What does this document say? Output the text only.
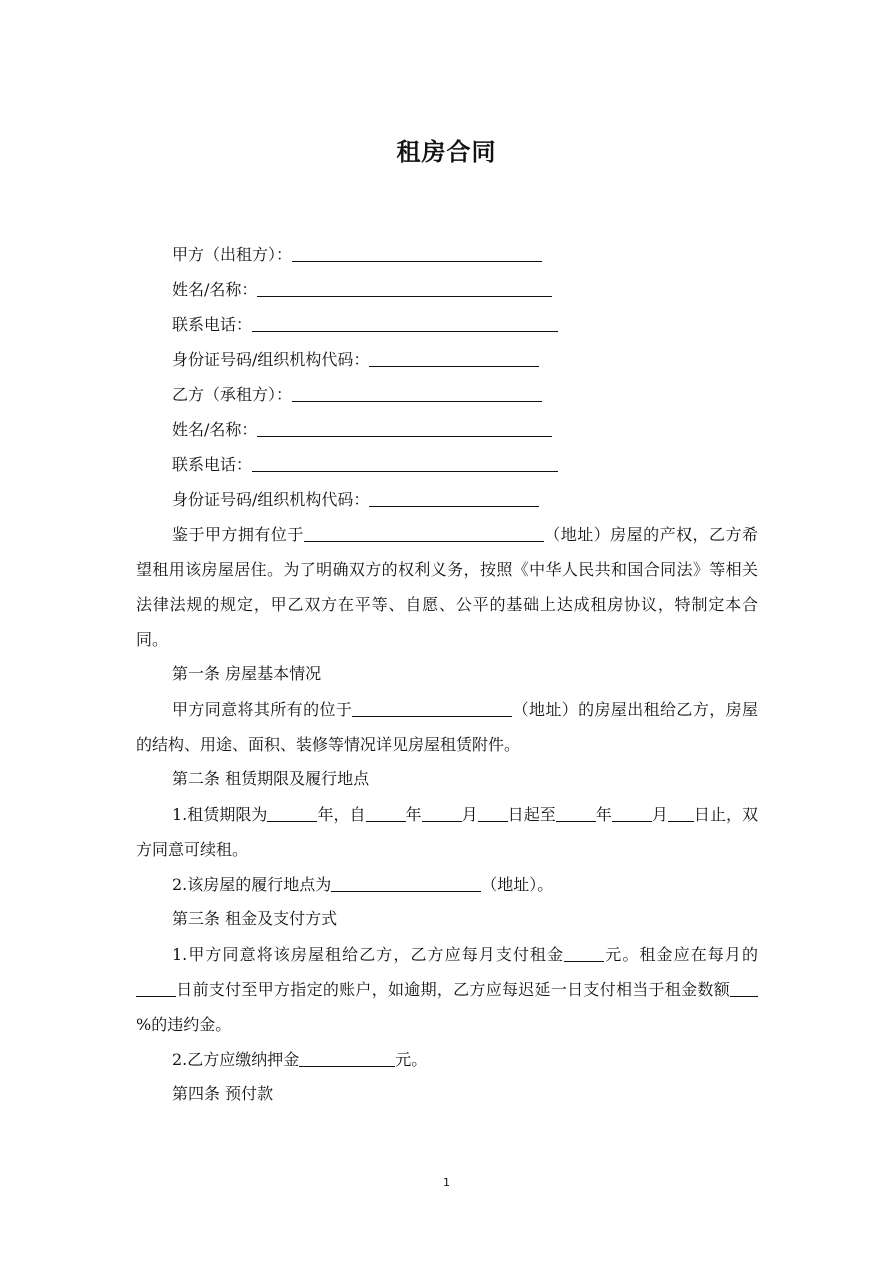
租房合同
甲方（出租方）：
姓名/名称：
联系电话：
身份证号码/组织机构代码：
乙方（承租方）：
姓名/名称：
联系电话：
身份证号码/组织机构代码：
鉴于甲方拥有位于	（地址）房屋的产权，乙方希望租用该房屋居住。为了明确双方的权利义务，按照《中华人民共和国合同法》等相关法律法规的规定，甲乙双方在平等、自愿、公平的基础上达成租房协议，特制定本合同。
第一条 房屋基本情况
甲方同意将其所有的位于	（地址）的房屋出租给乙方，房屋的结构、用途、面积、装修等情况详见房屋租赁附件。
第二条 租赁期限及履行地点
1.租赁期限为	年，自	年	月 日起至	年	月 日止，双方同意可续租。
2.该房屋的履行地点为	（地址）。
第三条 租金及支付方式
1.甲方同意将该房屋租给乙方，乙方应每月支付租金	元。租金应在每月的日前支付至甲方指定的账户，如逾期，乙方应每迟延一日支付相当于租金数额%的违约金。
2.乙方应缴纳押金	元。
第四条 预付款
1
